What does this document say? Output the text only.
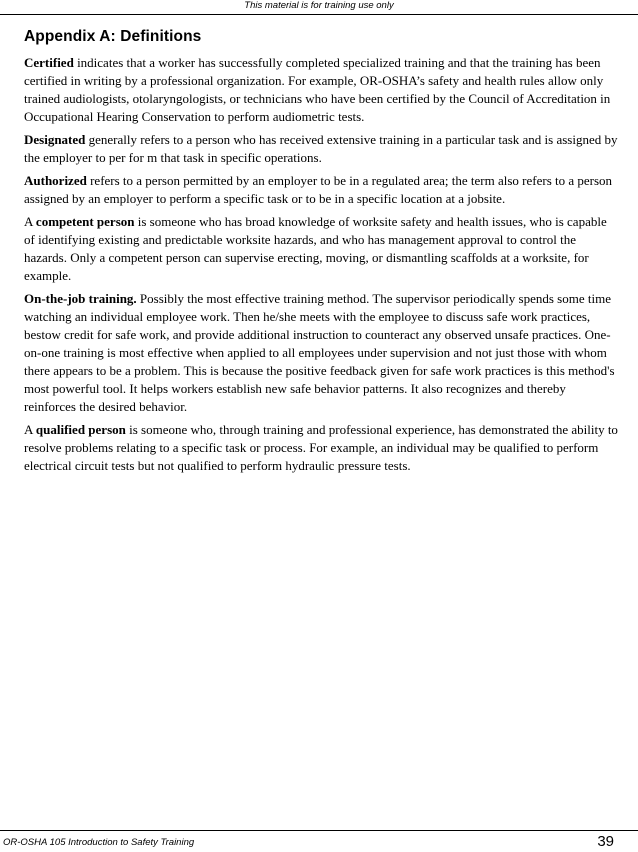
This material is for training use only
Appendix A: Definitions

Certified indicates that a worker has successfully completed specialized training and that the training has been certified in writing by a professional organization. For example, OR-OSHA’s safety and health rules allow only trained audiologists, otolaryngologists, or technicians who have been certified by the Council of Accreditation in Occupational Hearing Conservation to perform audiometric tests.

Designated generally refers to a person who has received extensive training in a particular task and is assigned by the employer to per for m that task in specific operations.

Authorized refers to a person permitted by an employer to be in a regulated area; the term also refers to a person assigned by an employer to perform a specific task or to be in a specific location at a jobsite.

A competent person is someone who has broad knowledge of worksite safety and health issues, who is capable of identifying existing and predictable worksite hazards, and who has management approval to control the hazards. Only a competent person can supervise erecting, moving, or dismantling scaffolds at a worksite, for example.

On-the-job training. Possibly the most effective training method. The supervisor periodically spends some time watching an individual employee work. Then he/she meets with the employee to discuss safe work practices, bestow credit for safe work, and provide additional instruction to counteract any observed unsafe practices. One-on-one training is most effective when applied to all employees under supervision and not just those with whom there appears to be a problem. This is because the positive feedback given for safe work practices is this method's most powerful tool. It helps workers establish new safe behavior patterns. It also recognizes and thereby reinforces the desired behavior.

A qualified person is someone who, through training and professional experience, has demonstrated the ability to resolve problems relating to a specific task or process. For example, an individual may be qualified to perform electrical circuit tests but not qualified to perform hydraulic pressure tests.

OR-OSHA 105 Introduction to Safety Training	39
